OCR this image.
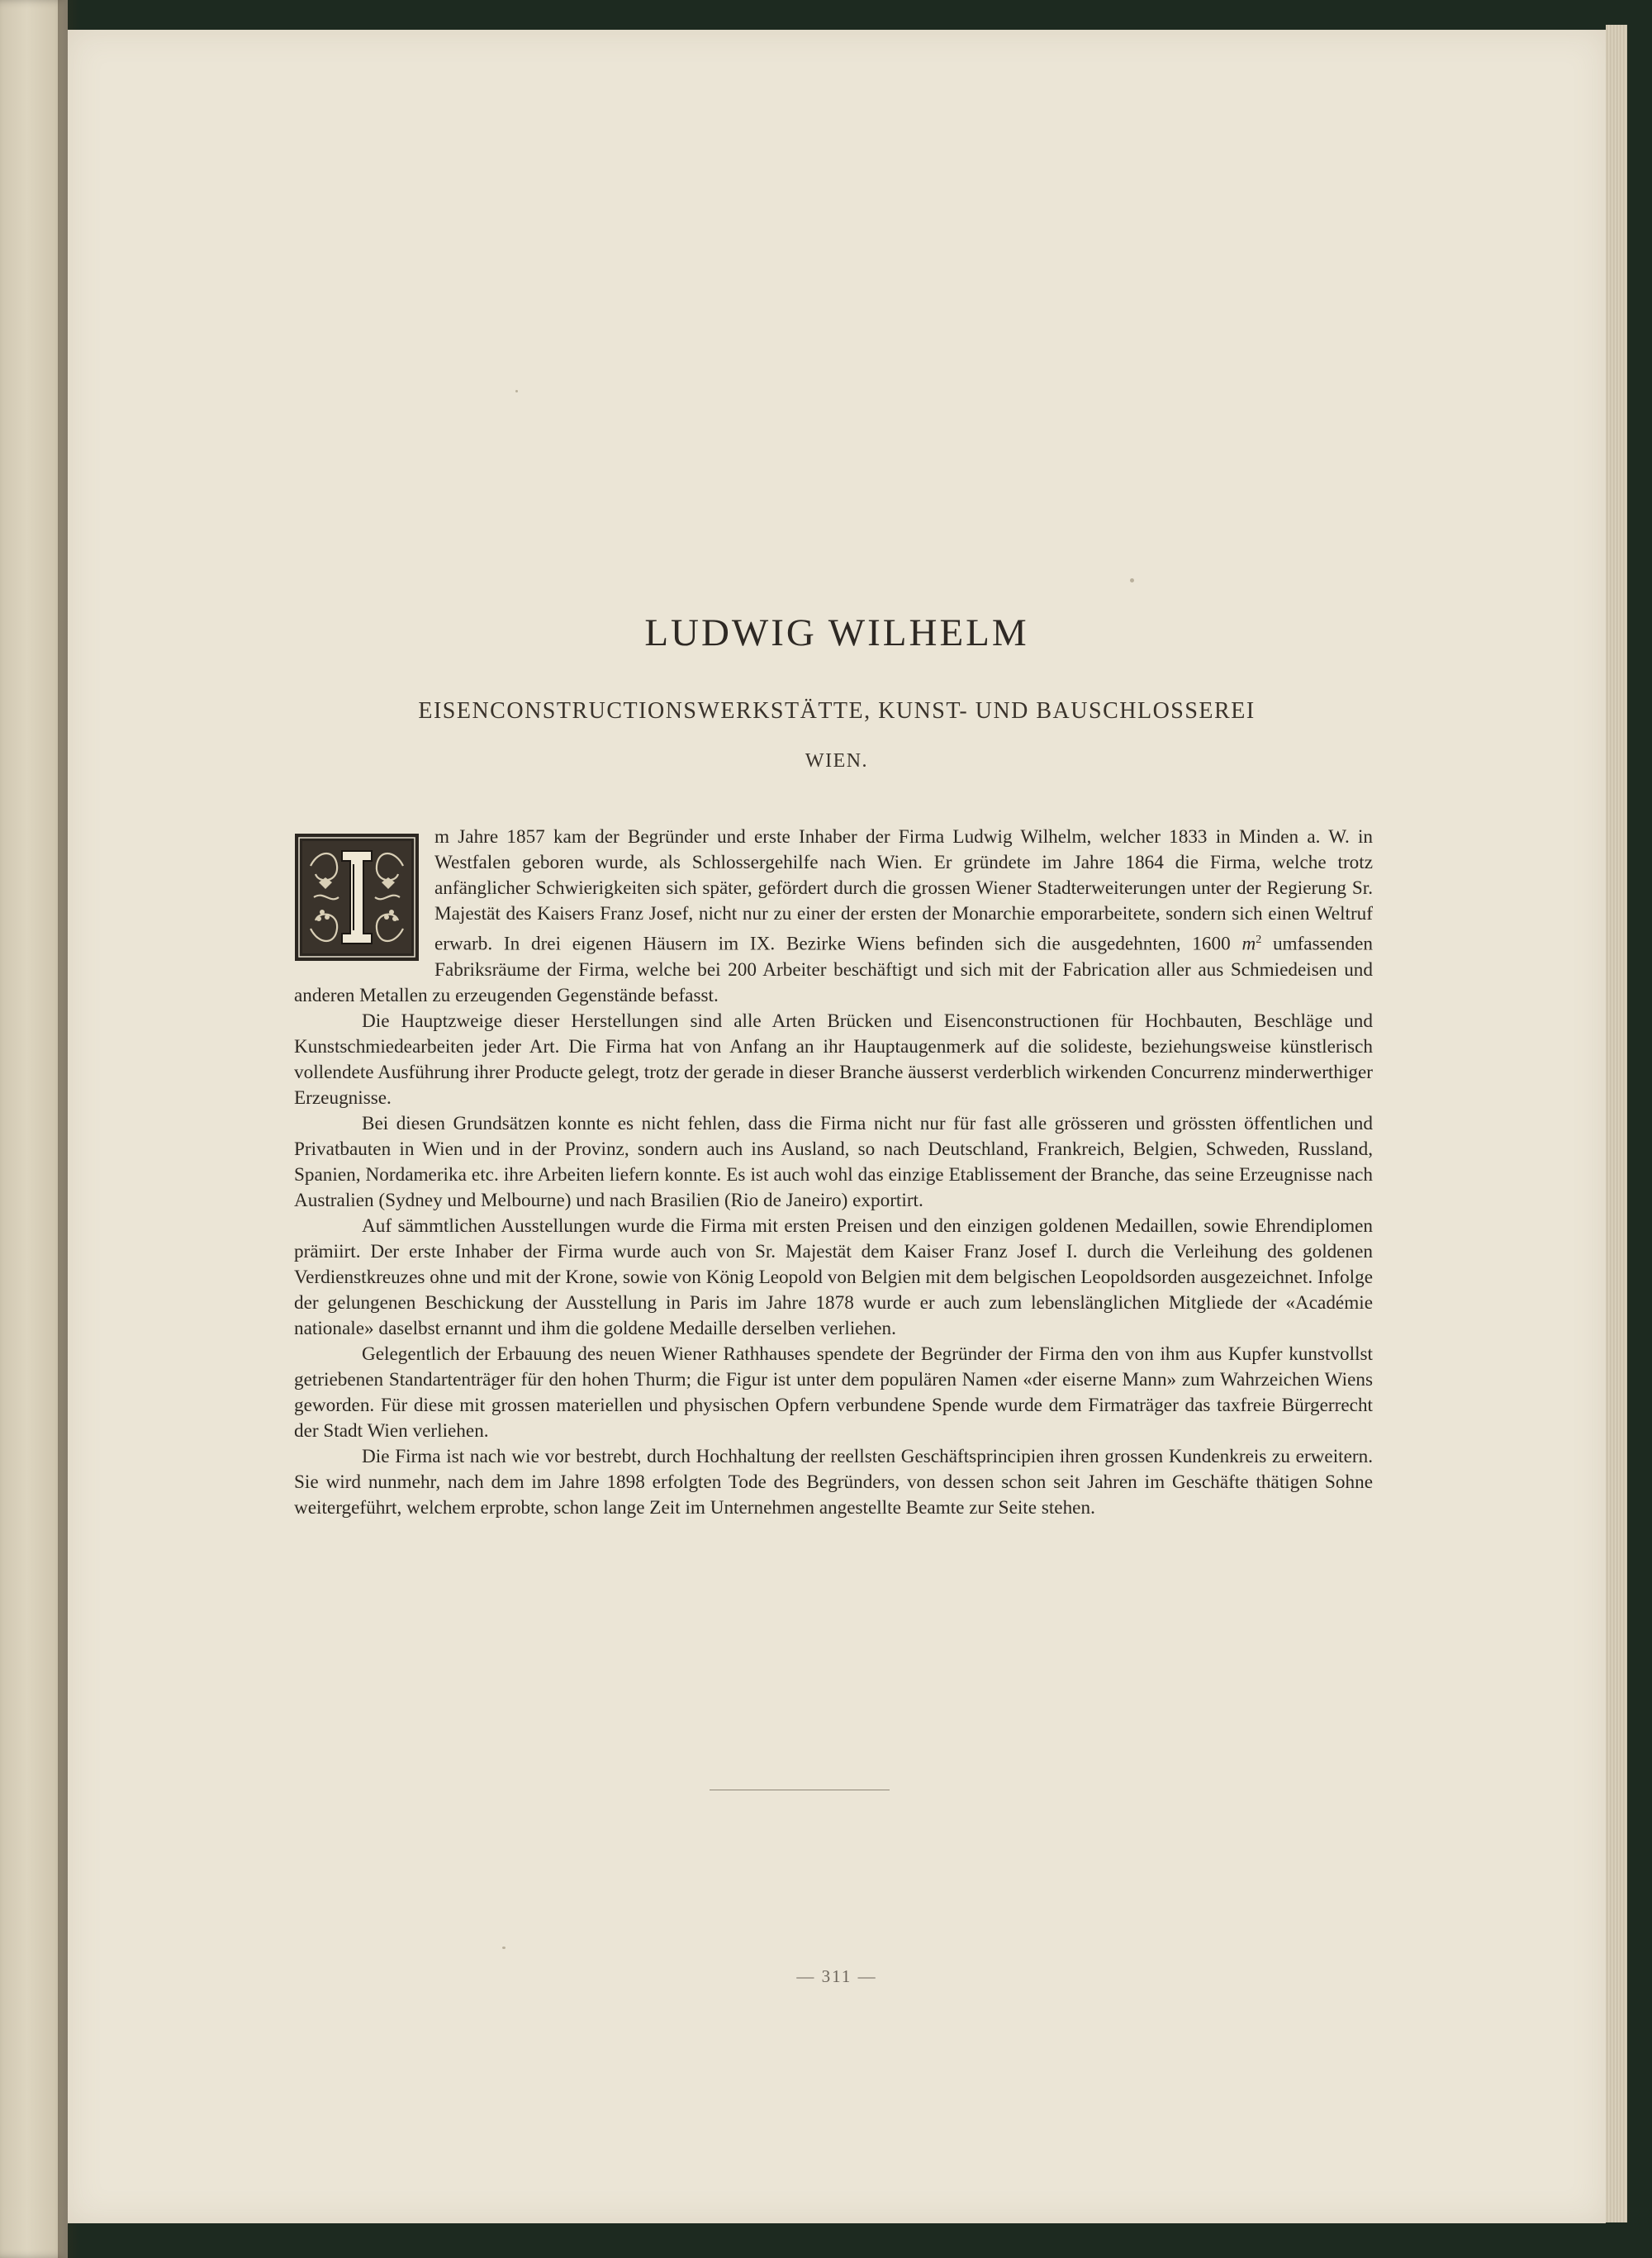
LUDWIG WILHELM
EISENCONSTRUCTIONSWERKSTÄTTE, KUNST- UND BAUSCHLOSSEREI
WIEN.

m Jahre 1857 kam der Begründer und erste Inhaber der Firma Ludwig Wilhelm, welcher 1833 in Minden a. W. in Westfalen geboren wurde, als Schlossergehilfe nach Wien. Er gründete im Jahre 1864 die Firma, welche trotz anfänglicher Schwierigkeiten sich später, gefördert durch die grossen Wiener Stadterweiterungen unter der Regierung Sr. Majestät des Kaisers Franz Josef, nicht nur zu einer der ersten der Monarchie emporarbeitete, sondern sich einen Weltruf erwarb. In drei eigenen Häusern im IX. Bezirke Wiens befinden sich die ausgedehnten, 1600 $m^2$ umfassenden Fabriksräume der Firma, welche bei 200 Arbeiter beschäftigt und sich mit der Fabrication aller aus Schmiedeisen und anderen Metallen zu erzeugenden Gegenstände befasst.

Die Hauptzweige dieser Herstellungen sind alle Arten Brücken und Eisenconstructionen für Hochbauten, Beschläge und Kunstschmiedearbeiten jeder Art. Die Firma hat von Anfang an ihr Hauptaugenmerk auf die solideste, beziehungsweise künstlerisch vollendete Ausführung ihrer Producte gelegt, trotz der gerade in dieser Branche äusserst verderblich wirkenden Concurrenz minderwerthiger Erzeugnisse.

Bei diesen Grundsätzen konnte es nicht fehlen, dass die Firma nicht nur für fast alle grösseren und grössten öffentlichen und Privatbauten in Wien und in der Provinz, sondern auch ins Ausland, so nach Deutschland, Frankreich, Belgien, Schweden, Russland, Spanien, Nordamerika etc. ihre Arbeiten liefern konnte. Es ist auch wohl das einzige Etablissement der Branche, das seine Erzeugnisse nach Australien (Sydney und Melbourne) und nach Brasilien (Rio de Janeiro) exportirt.

Auf sämmtlichen Ausstellungen wurde die Firma mit ersten Preisen und den einzigen goldenen Medaillen, sowie Ehrendiplomen prämiirt. Der erste Inhaber der Firma wurde auch von Sr. Majestät dem Kaiser Franz Josef I. durch die Verleihung des goldenen Verdienstkreuzes ohne und mit der Krone, sowie von König Leopold von Belgien mit dem belgischen Leopoldsorden ausgezeichnet. Infolge der gelungenen Beschickung der Ausstellung in Paris im Jahre 1878 wurde er auch zum lebenslänglichen Mitgliede der «Académie nationale» daselbst ernannt und ihm die goldene Medaille derselben verliehen.

Gelegentlich der Erbauung des neuen Wiener Rathhauses spendete der Begründer der Firma den von ihm aus Kupfer kunstvollst getriebenen Standartenträger für den hohen Thurm; die Figur ist unter dem populären Namen «der eiserne Mann» zum Wahrzeichen Wiens geworden. Für diese mit grossen materiellen und physischen Opfern verbundene Spende wurde dem Firmaträger das taxfreie Bürgerrecht der Stadt Wien verliehen.

Die Firma ist nach wie vor bestrebt, durch Hochhaltung der reellsten Geschäftsprincipien ihren grossen Kundenkreis zu erweitern. Sie wird nunmehr, nach dem im Jahre 1898 erfolgten Tode des Begründers, von dessen schon seit Jahren im Geschäfte thätigen Sohne weitergeführt, welchem erprobte, schon lange Zeit im Unternehmen angestellte Beamte zur Seite stehen.

— 311 —
